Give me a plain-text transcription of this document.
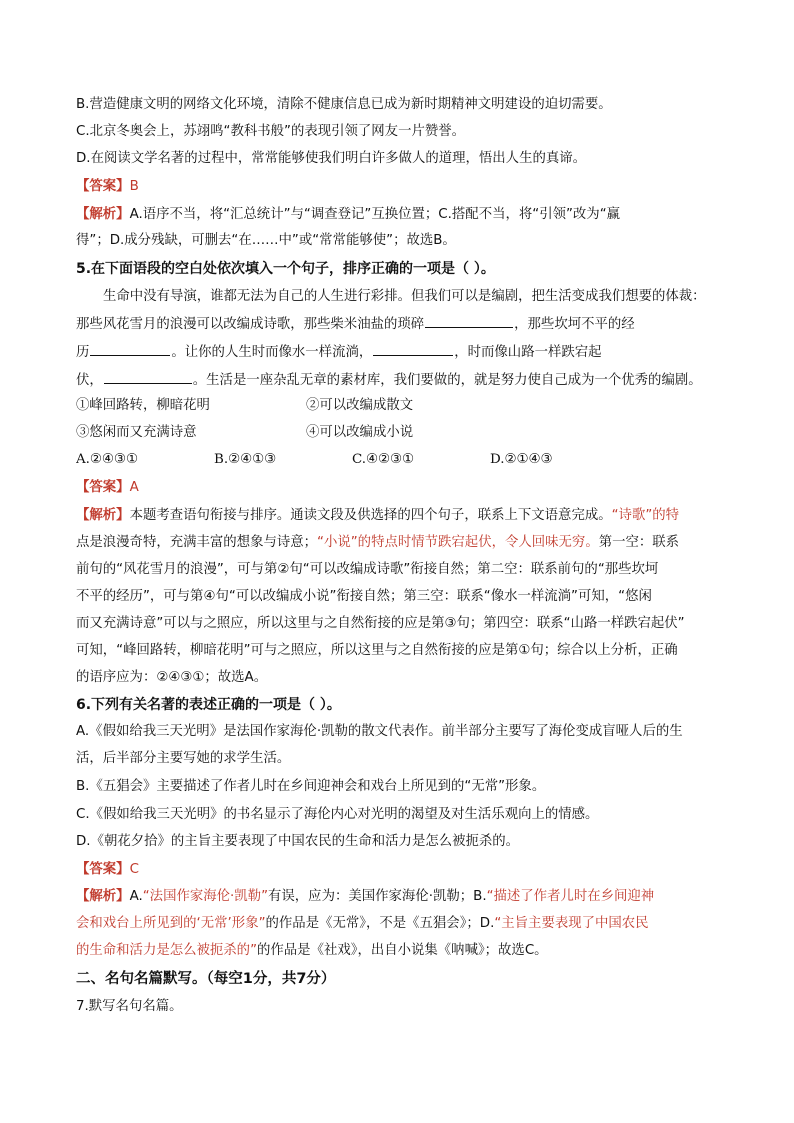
B.营造健康文明的网络文化环境，清除不健康信息已成为新时期精神文明建设的迫切需要。
C.北京冬奥会上，苏翊鸣“教科书般”的表现引领了网友一片赞誉。
D.在阅读文学名著的过程中，常常能够使我们明白许多做人的道理，悟出人生的真谛。
【答案】B
【解析】A.语序不当，将“汇总统计”与“调查登记”互换位置；C.搭配不当，将“引领”改为“赢
得”；D.成分残缺，可删去“在……中”或“常常能够使”；故选B。
5.在下面语段的空白处依次填入一个句子，排序正确的一项是（ ）。
生命中没有导演，谁都无法为自己的人生进行彩排。但我们可以是编剧，把生活变成我们想要的体裁：
那些风花雪月的浪漫可以改编成诗歌，那些柴米油盐的琐碎	，那些坎坷不平的经
历	。让你的人生时而像水一样流淌，	，时而像山路一样跌宕起
伏，	。生活是一座杂乱无章的素材库，我们要做的，就是努力使自己成为一个优秀的编剧。
①峰回路转，柳暗花明	②可以改编成散文
③悠闲而又充满诗意	④可以改编成小说
A.②④③①	B.②④①③	C.④②③①	D.②①④③
【答案】A
【解析】本题考查语句衔接与排序。通读文段及供选择的四个句子，联系上下文语意完成。“诗歌”的特
点是浪漫奇特，充满丰富的想象与诗意；“小说”的特点时情节跌宕起伏，令人回味无穷。第一空：联系
前句的“风花雪月的浪漫”，可与第②句“可以改编成诗歌”衔接自然；第二空：联系前句的“那些坎坷
不平的经历”，可与第④句“可以改编成小说”衔接自然；第三空：联系“像水一样流淌”可知，“悠闲
而又充满诗意”可以与之照应，所以这里与之自然衔接的应是第③句；第四空：联系“山路一样跌宕起伏”
可知，“峰回路转，柳暗花明”可与之照应，所以这里与之自然衔接的应是第①句；综合以上分析，正确
的语序应为：②④③①；故选A。
6.下列有关名著的表述正确的一项是（ ）。
A.《假如给我三天光明》是法国作家海伦·凯勒的散文代表作。前半部分主要写了海伦变成盲哑人后的生
活，后半部分主要写她的求学生活。
B.《五猖会》主要描述了作者儿时在乡间迎神会和戏台上所见到的“无常”形象。
C.《假如给我三天光明》的书名显示了海伦内心对光明的渴望及对生活乐观向上的情感。
D.《朝花夕拾》的主旨主要表现了中国农民的生命和活力是怎么被扼杀的。
【答案】C
【解析】A.“法国作家海伦·凯勒”有误，应为：美国作家海伦·凯勒；B.“描述了作者儿时在乡间迎神
会和戏台上所见到的‘无常’形象”的作品是《无常》，不是《五猖会》；D.“主旨主要表现了中国农民
的生命和活力是怎么被扼杀的”的作品是《社戏》，出自小说集《呐喊》；故选C。
二、名句名篇默写。（每空1分，共7分）
7.默写名句名篇。
